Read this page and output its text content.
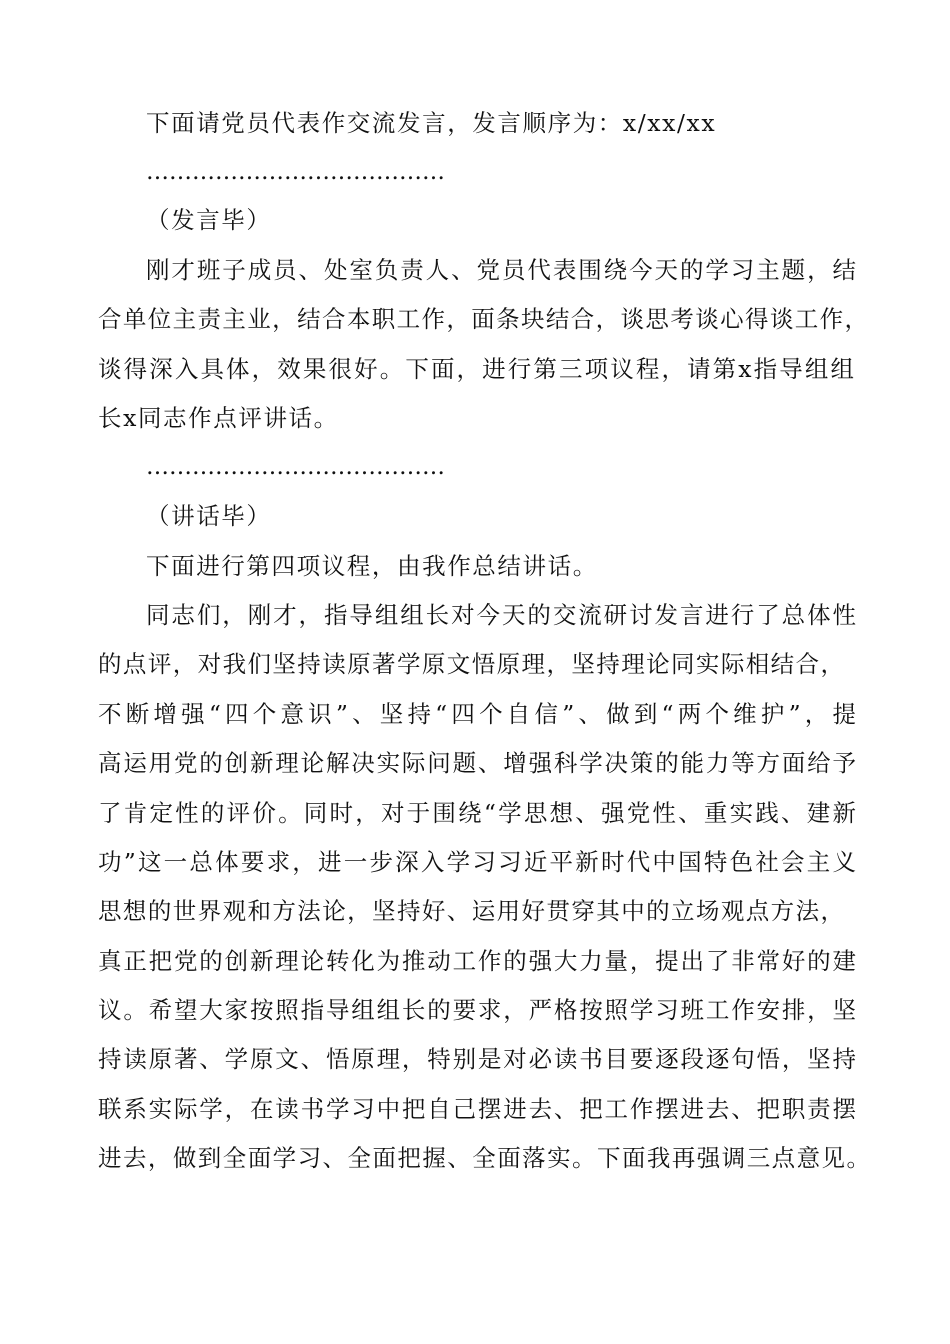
下面请党员代表作交流发言，发言顺序为：x/xx/xx
…………………………………
（发言毕）
刚才班子成员、处室负责人、党员代表围绕今天的学习主题，结
合单位主责主业，结合本职工作，面条块结合，谈思考谈心得谈工作，
谈得深入具体，效果很好。下面，进行第三项议程，请第x指导组组
长x同志作点评讲话。
…………………………………
（讲话毕）
下面进行第四项议程，由我作总结讲话。
同志们，刚才，指导组组长对今天的交流研讨发言进行了总体性
的点评，对我们坚持读原著学原文悟原理，坚持理论同实际相结合，
不断增强“四个意识”、坚持“四个自信”、做到“两个维护”，提
高运用党的创新理论解决实际问题、增强科学决策的能力等方面给予
了肯定性的评价。同时，对于围绕“学思想、强党性、重实践、建新
功”这一总体要求，进一步深入学习习近平新时代中国特色社会主义
思想的世界观和方法论，坚持好、运用好贯穿其中的立场观点方法，
真正把党的创新理论转化为推动工作的强大力量，提出了非常好的建
议。希望大家按照指导组组长的要求，严格按照学习班工作安排，坚
持读原著、学原文、悟原理，特别是对必读书目要逐段逐句悟，坚持
联系实际学，在读书学习中把自己摆进去、把工作摆进去、把职责摆
进去，做到全面学习、全面把握、全面落实。下面我再强调三点意见。
